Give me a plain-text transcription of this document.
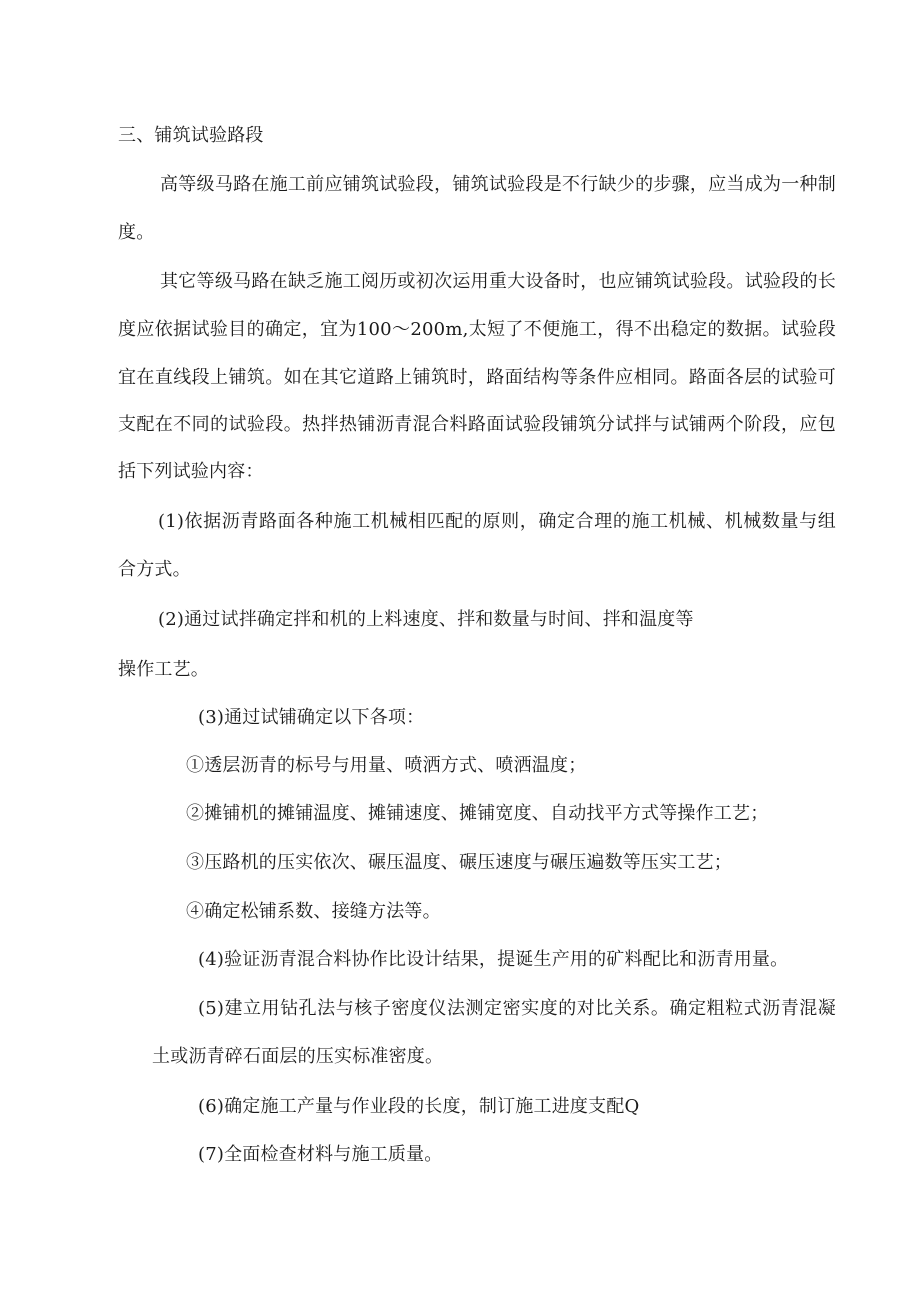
三、铺筑试验路段
高等级马路在施工前应铺筑试验段，铺筑试验段是不行缺少的步骤，应当成为一种制
度。
其它等级马路在缺乏施工阅历或初次运用重大设备时，也应铺筑试验段。试验段的长
度应依据试验目的确定，宜为100～200m,太短了不便施工，得不出稳定的数据。试验段
宜在直线段上铺筑。如在其它道路上铺筑时，路面结构等条件应相同。路面各层的试验可
支配在不同的试验段。热拌热铺沥青混合料路面试验段铺筑分试拌与试铺两个阶段，应包
括下列试验内容：
(1)依据沥青路面各种施工机械相匹配的原则，确定合理的施工机械、机械数量与组
合方式。
(2)通过试拌确定拌和机的上料速度、拌和数量与时间、拌和温度等
操作工艺。
(3)通过试铺确定以下各项：
①透层沥青的标号与用量、喷洒方式、喷洒温度；
②摊铺机的摊铺温度、摊铺速度、摊铺宽度、自动找平方式等操作工艺；
③压路机的压实依次、碾压温度、碾压速度与碾压遍数等压实工艺；
④确定松铺系数、接缝方法等。
(4)验证沥青混合料协作比设计结果，提诞生产用的矿料配比和沥青用量。
(5)建立用钻孔法与核子密度仪法测定密实度的对比关系。确定粗粒式沥青混凝
土或沥青碎石面层的压实标准密度。
(6)确定施工产量与作业段的长度，制订施工进度支配Q
(7)全面检查材料与施工质量。
